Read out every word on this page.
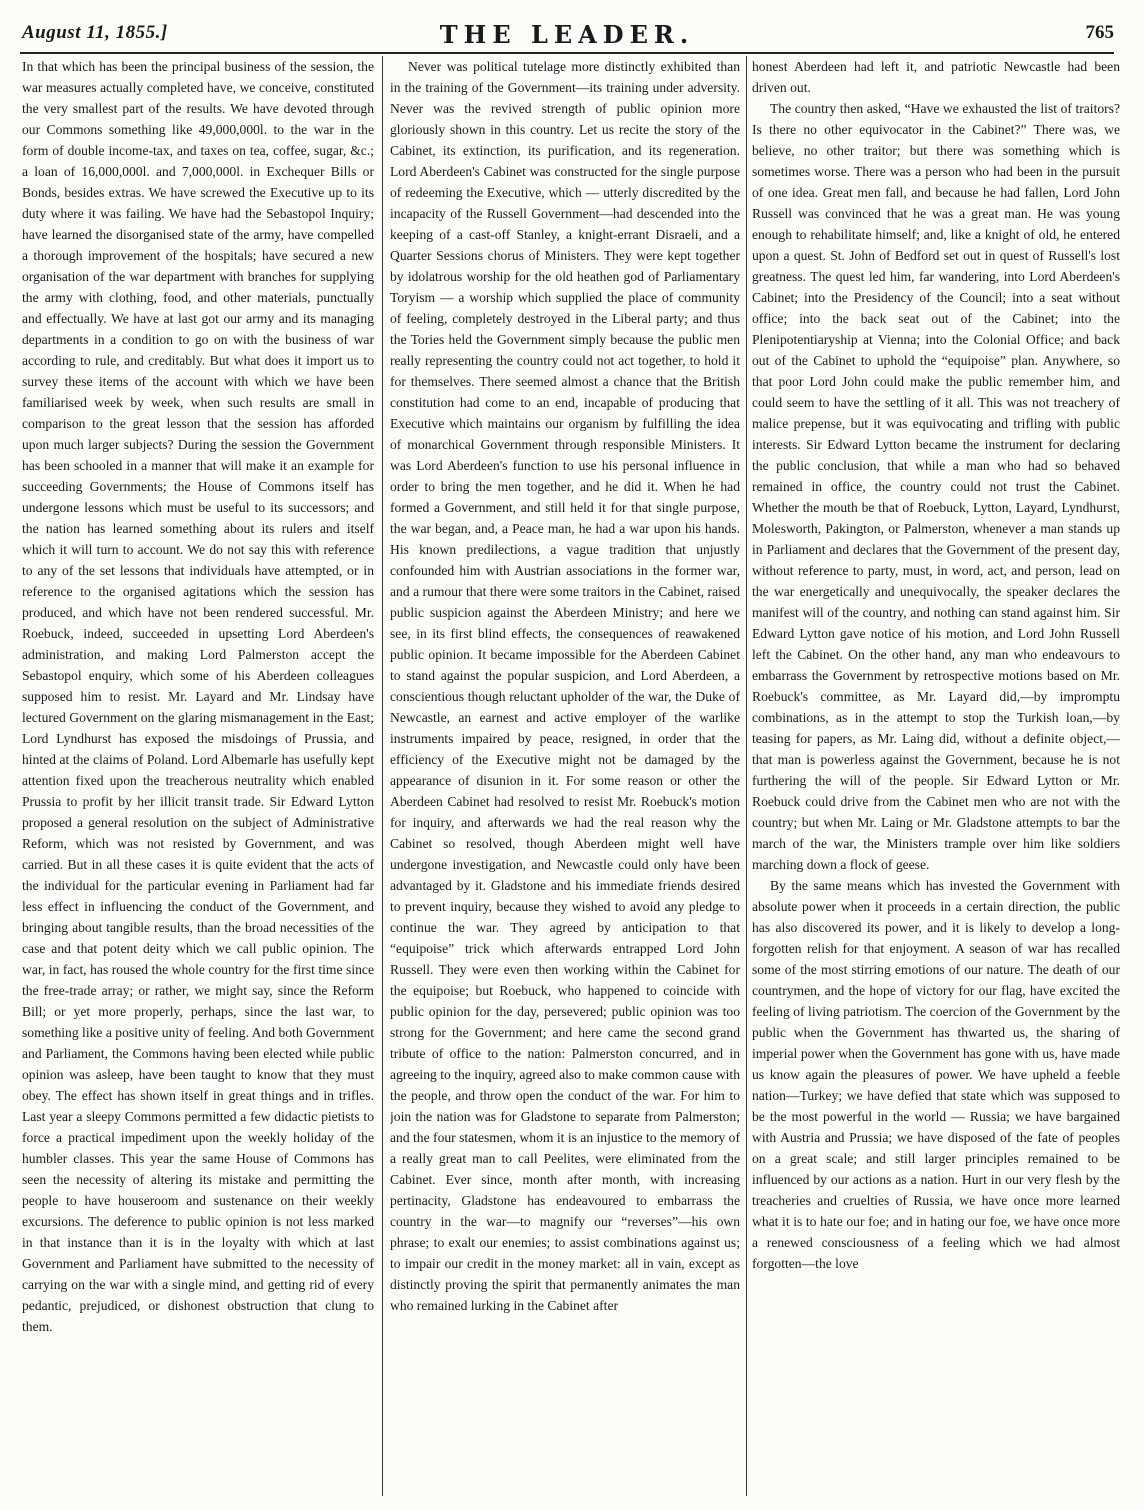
August 11, 1855.]	THE LEADER.	765

In that which has been the principal business of the session, the war measures actually completed have, we conceive, constituted the very smallest part of the results. We have devoted through our Commons something like 49,000,000l. to the war in the form of double income-tax, and taxes on tea, coffee, sugar, &c.; a loan of 16,000,000l. and 7,000,000l. in Exchequer Bills or Bonds, besides extras. We have screwed the Executive up to its duty where it was failing. We have had the Sebastopol Inquiry; have learned the disorganised state of the army, have compelled a thorough improvement of the hospitals; have secured a new organisation of the war department with branches for supplying the army with clothing, food, and other materials, punctually and effectually. We have at last got our army and its managing departments in a condition to go on with the business of war according to rule, and creditably. But what does it import us to survey these items of the account with which we have been familiarised week by week, when such results are small in comparison to the great lesson that the session has afforded upon much larger subjects? During the session the Government has been schooled in a manner that will make it an example for succeeding Governments; the House of Commons itself has undergone lessons which must be useful to its successors; and the nation has learned something about its rulers and itself which it will turn to account. We do not say this with reference to any of the set lessons that individuals have attempted, or in reference to the organised agitations which the session has produced, and which have not been rendered successful. Mr. Roebuck, indeed, succeeded in upsetting Lord Aberdeen's administration, and making Lord Palmerston accept the Sebastopol enquiry, which some of his Aberdeen colleagues supposed him to resist. Mr. Layard and Mr. Lindsay have lectured Government on the glaring mismanagement in the East; Lord Lyndhurst has exposed the misdoings of Prussia, and hinted at the claims of Poland. Lord Albemarle has usefully kept attention fixed upon the treacherous neutrality which enabled Prussia to profit by her illicit transit trade. Sir Edward Lytton proposed a general resolution on the subject of Administrative Reform, which was not resisted by Government, and was carried. But in all these cases it is quite evident that the acts of the individual for the particular evening in Parliament had far less effect in influencing the conduct of the Government, and bringing about tangible results, than the broad necessities of the case and that potent deity which we call public opinion. The war, in fact, has roused the whole country for the first time since the free-trade array; or rather, we might say, since the Reform Bill; or yet more properly, perhaps, since the last war, to something like a positive unity of feeling. And both Government and Parliament, the Commons having been elected while public opinion was asleep, have been taught to know that they must obey. The effect has shown itself in great things and in trifles. Last year a sleepy Commons permitted a few didactic pietists to force a practical impediment upon the weekly holiday of the humbler classes. This year the same House of Commons has seen the necessity of altering its mistake and permitting the people to have houseroom and sustenance on their weekly excursions. The deference to public opinion is not less marked in that instance than it is in the loyalty with which at last Government and Parliament have submitted to the necessity of carrying on the war with a single mind, and getting rid of every pedantic, prejudiced, or dishonest obstruction that clung to them.

Never was political tutelage more distinctly exhibited than in the training of the Government—its training under adversity. Never was the revived strength of public opinion more gloriously shown in this country. Let us recite the story of the Cabinet, its extinction, its purification, and its regeneration. Lord Aberdeen's Cabinet was constructed for the single purpose of redeeming the Executive, which — utterly discredited by the incapacity of the Russell Government—had descended into the keeping of a cast-off Stanley, a knight-errant Disraeli, and a Quarter Sessions chorus of Ministers. They were kept together by idolatrous worship for the old heathen god of Parliamentary Toryism — a worship which supplied the place of community of feeling, completely destroyed in the Liberal party; and thus the Tories held the Government simply because the public men really representing the country could not act together, to hold it for themselves. There seemed almost a chance that the British constitution had come to an end, incapable of producing that Executive which maintains our organism by fulfilling the idea of monarchical Government through responsible Ministers. It was Lord Aberdeen's function to use his personal influence in order to bring the men together, and he did it. When he had formed a Government, and still held it for that single purpose, the war began, and, a Peace man, he had a war upon his hands. His known predilections, a vague tradition that unjustly confounded him with Austrian associations in the former war, and a rumour that there were some traitors in the Cabinet, raised public suspicion against the Aberdeen Ministry; and here we see, in its first blind effects, the consequences of reawakened public opinion. It became impossible for the Aberdeen Cabinet to stand against the popular suspicion, and Lord Aberdeen, a conscientious though reluctant upholder of the war, the Duke of Newcastle, an earnest and active employer of the warlike instruments impaired by peace, resigned, in order that the efficiency of the Executive might not be damaged by the appearance of disunion in it. For some reason or other the Aberdeen Cabinet had resolved to resist Mr. Roebuck's motion for inquiry, and afterwards we had the real reason why the Cabinet so resolved, though Aberdeen might well have undergone investigation, and Newcastle could only have been advantaged by it. Gladstone and his immediate friends desired to prevent inquiry, because they wished to avoid any pledge to continue the war. They agreed by anticipation to that “equipoise” trick which afterwards entrapped Lord John Russell. They were even then working within the Cabinet for the equipoise; but Roebuck, who happened to coincide with public opinion for the day, persevered; public opinion was too strong for the Government; and here came the second grand tribute of office to the nation: Palmerston concurred, and in agreeing to the inquiry, agreed also to make common cause with the people, and throw open the conduct of the war. For him to join the nation was for Gladstone to separate from Palmerston; and the four statesmen, whom it is an injustice to the memory of a really great man to call Peelites, were eliminated from the Cabinet. Ever since, month after month, with increasing pertinacity, Gladstone has endeavoured to embarrass the country in the war—to magnify our “reverses”—his own phrase; to exalt our enemies; to assist combinations against us; to impair our credit in the money market: all in vain, except as distinctly proving the spirit that permanently animates the man who remained lurking in the Cabinet after

honest Aberdeen had left it, and patriotic Newcastle had been driven out.

The country then asked, “Have we exhausted the list of traitors? Is there no other equivocator in the Cabinet?” There was, we believe, no other traitor; but there was something which is sometimes worse. There was a person who had been in the pursuit of one idea. Great men fall, and because he had fallen, Lord John Russell was convinced that he was a great man. He was young enough to rehabilitate himself; and, like a knight of old, he entered upon a quest. St. John of Bedford set out in quest of Russell's lost greatness. The quest led him, far wandering, into Lord Aberdeen's Cabinet; into the Presidency of the Council; into a seat without office; into the back seat out of the Cabinet; into the Plenipotentiaryship at Vienna; into the Colonial Office; and back out of the Cabinet to uphold the “equipoise” plan. Anywhere, so that poor Lord John could make the public remember him, and could seem to have the settling of it all. This was not treachery of malice prepense, but it was equivocating and trifling with public interests. Sir Edward Lytton became the instrument for declaring the public conclusion, that while a man who had so behaved remained in office, the country could not trust the Cabinet. Whether the mouth be that of Roebuck, Lytton, Layard, Lyndhurst, Molesworth, Pakington, or Palmerston, whenever a man stands up in Parliament and declares that the Government of the present day, without reference to party, must, in word, act, and person, lead on the war energetically and unequivocally, the speaker declares the manifest will of the country, and nothing can stand against him. Sir Edward Lytton gave notice of his motion, and Lord John Russell left the Cabinet. On the other hand, any man who endeavours to embarrass the Government by retrospective motions based on Mr. Roebuck's committee, as Mr. Layard did,—by impromptu combinations, as in the attempt to stop the Turkish loan,—by teasing for papers, as Mr. Laing did, without a definite object,—that man is powerless against the Government, because he is not furthering the will of the people. Sir Edward Lytton or Mr. Roebuck could drive from the Cabinet men who are not with the country; but when Mr. Laing or Mr. Gladstone attempts to bar the march of the war, the Ministers trample over him like soldiers marching down a flock of geese.

By the same means which has invested the Government with absolute power when it proceeds in a certain direction, the public has also discovered its power, and it is likely to develop a long-forgotten relish for that enjoyment. A season of war has recalled some of the most stirring emotions of our nature. The death of our countrymen, and the hope of victory for our flag, have excited the feeling of living patriotism. The coercion of the Government by the public when the Government has thwarted us, the sharing of imperial power when the Government has gone with us, have made us know again the pleasures of power. We have upheld a feeble nation—Turkey; we have defied that state which was supposed to be the most powerful in the world — Russia; we have bargained with Austria and Prussia; we have disposed of the fate of peoples on a great scale; and still larger principles remained to be influenced by our actions as a nation. Hurt in our very flesh by the treacheries and cruelties of Russia, we have once more learned what it is to hate our foe; and in hating our foe, we have once more a renewed consciousness of a feeling which we had almost forgotten—the love
